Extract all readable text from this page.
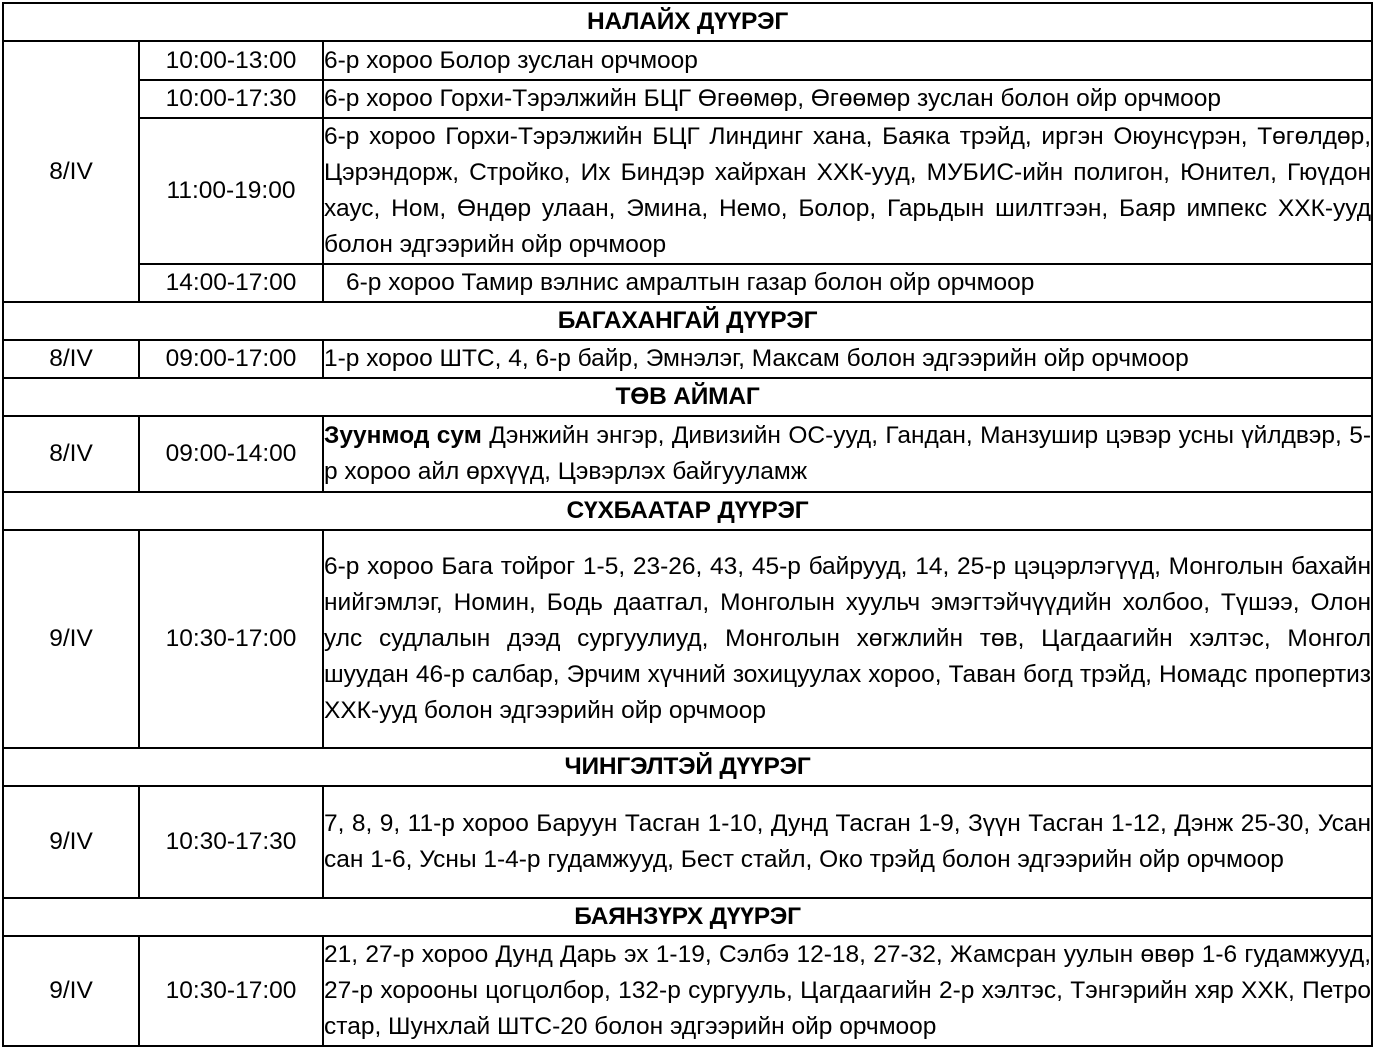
НАЛАЙХ ДҮҮРЭГ		
8/IV	10:00-13:00	6-р хороо Болор зуслан орчмоор
	10:00-17:30	6-р хороо Горхи-Тэрэлжийн БЦГ Өгөөмөр, Өгөөмөр зуслан болон ойр орчмоор
	11:00-19:00	6-р хороо Горхи-Тэрэлжийн БЦГ Линдинг хана, Баяка трэйд, иргэн Оюунсүрэн, Төгөлдөр, Цэрэндорж, Стройко, Их Биндэр хайрхан ХХК-ууд, МУБИС-ийн полигон, Юнител, Гюүдон хаус, Ном, Өндөр улаан, Эмина, Немо, Болор, Гарьдын шилтгээн, Баяр импекс ХХК-ууд болон эдгээрийн ойр орчмоор
	14:00-17:00	6-р хороо Тамир вэлнис амралтын газар болон ойр орчмоор
БАГАХАНГАЙ ДҮҮРЭГ		
8/IV	09:00-17:00	1-р хороо ШТС, 4, 6-р байр, Эмнэлэг, Максам болон эдгээрийн ойр орчмоор
ТӨВ АЙМАГ		
8/IV	09:00-14:00	Зуунмод сум Дэнжийн энгэр, Дивизийн ОС-ууд, Гандан, Манзушир цэвэр усны үйлдвэр, 5-р хороо айл өрхүүд, Цэвэрлэх байгууламж
СҮХБААТАР ДҮҮРЭГ		
9/IV	10:30-17:00	6-р хороо Бага тойрог 1-5, 23-26, 43, 45-р байрууд, 14, 25-р цэцэрлэгүүд, Монголын бахайн нийгэмлэг, Номин, Бодь даатгал, Монголын хуульч эмэгтэйчүүдийн холбоо, Түшээ, Олон улс судлалын дээд сургуулиуд, Монголын хөгжлийн төв, Цагдаагийн хэлтэс, Монгол шуудан 46-р салбар, Эрчим хүчний зохицуулах хороо, Таван богд трэйд, Номадс пропертиз ХХК-ууд болон эдгээрийн ойр орчмоор
ЧИНГЭЛТЭЙ ДҮҮРЭГ		
9/IV	10:30-17:30	7, 8, 9, 11-р хороо Баруун Тасган 1-10, Дунд Тасган 1-9, Зүүн Тасган 1-12, Дэнж 25-30, Усан сан 1-6, Усны 1-4-р гудамжууд, Бест стайл, Око трэйд болон эдгээрийн ойр орчмоор
БАЯНЗҮРХ ДҮҮРЭГ		
9/IV	10:30-17:00	21, 27-р хороо Дунд Дарь эх 1-19, Сэлбэ 12-18, 27-32, Жамсран уулын өвөр 1-6 гудамжууд, 27-р хорооны цогцолбор, 132-р сургууль, Цагдаагийн 2-р хэлтэс, Тэнгэрийн хяр ХХК, Петро стар, Шунхлай ШТС-20 болон эдгээрийн ойр орчмоор
